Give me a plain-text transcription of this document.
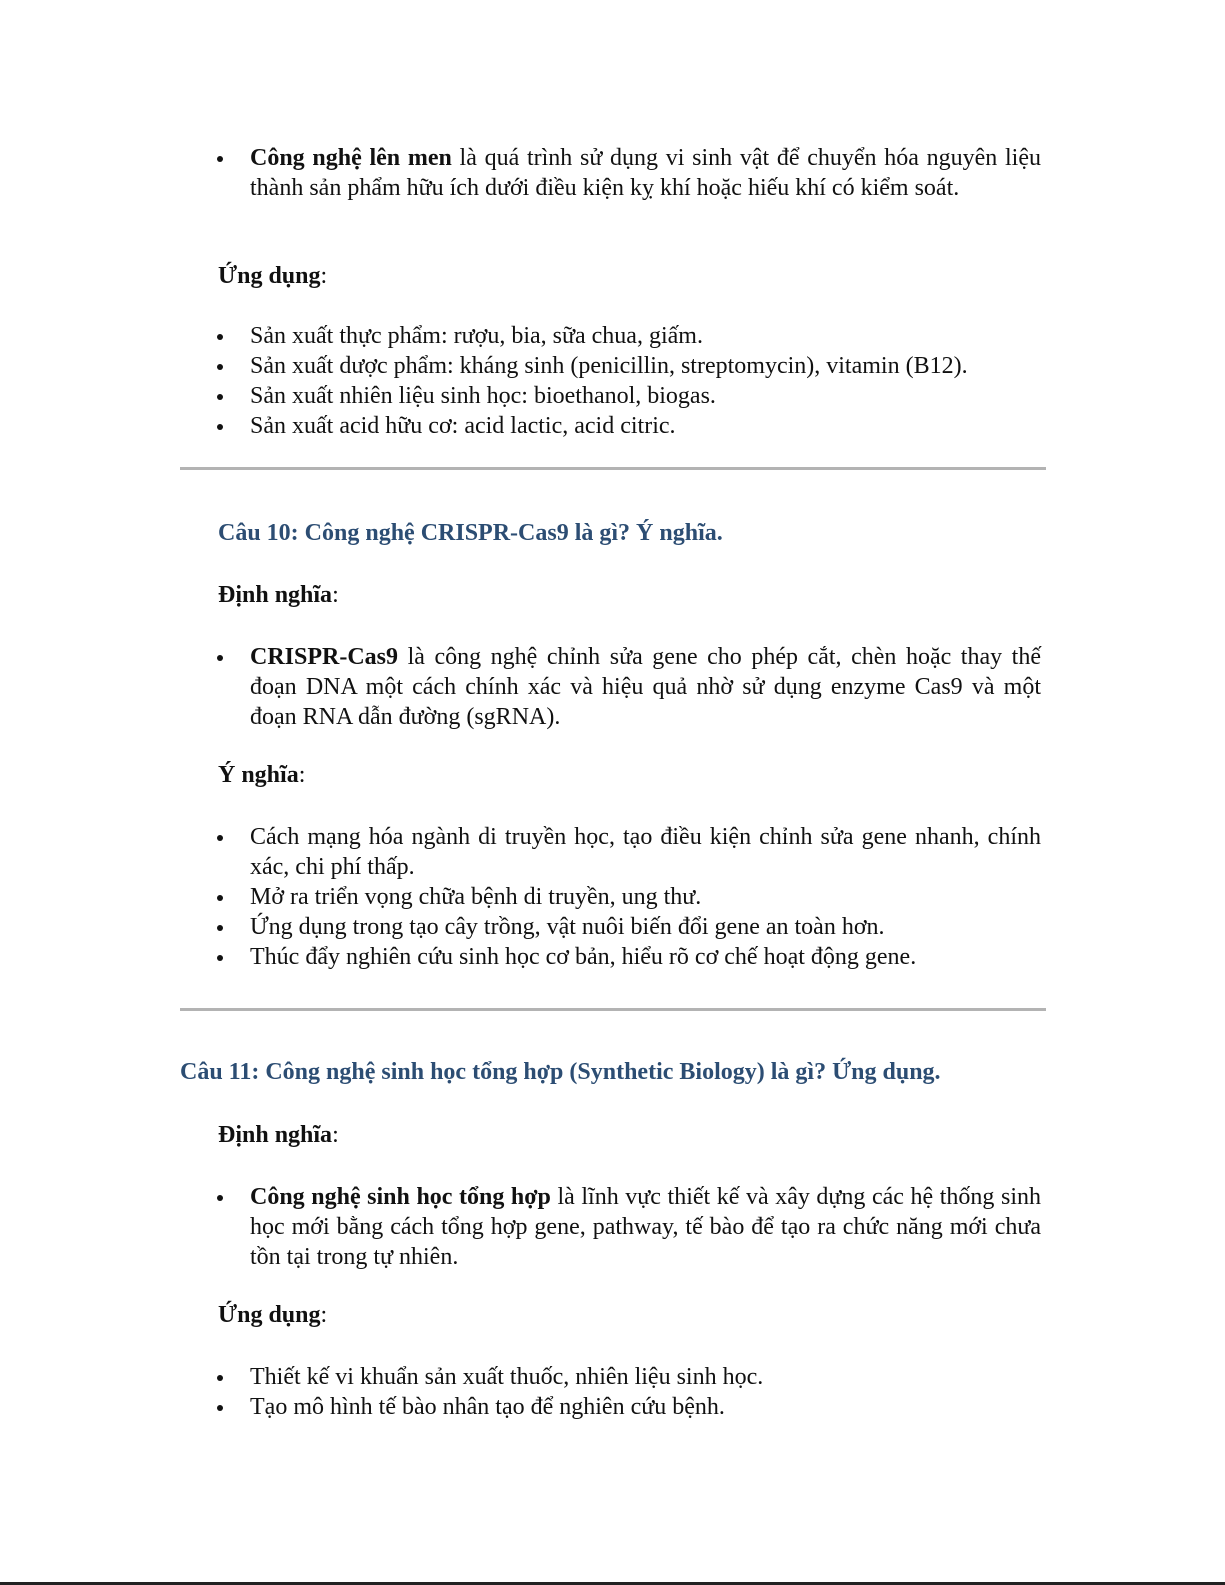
Công nghệ lên men là quá trình sử dụng vi sinh vật để chuyển hóa nguyên liệu thành sản phẩm hữu ích dưới điều kiện kỵ khí hoặc hiếu khí có kiểm soát.
Ứng dụng:
Sản xuất thực phẩm: rượu, bia, sữa chua, giấm.
Sản xuất dược phẩm: kháng sinh (penicillin, streptomycin), vitamin (B12).
Sản xuất nhiên liệu sinh học: bioethanol, biogas.
Sản xuất acid hữu cơ: acid lactic, acid citric.
Câu 10: Công nghệ CRISPR-Cas9 là gì? Ý nghĩa.
Định nghĩa:
CRISPR-Cas9 là công nghệ chỉnh sửa gene cho phép cắt, chèn hoặc thay thế đoạn DNA một cách chính xác và hiệu quả nhờ sử dụng enzyme Cas9 và một đoạn RNA dẫn đường (sgRNA).
Ý nghĩa:
Cách mạng hóa ngành di truyền học, tạo điều kiện chỉnh sửa gene nhanh, chính xác, chi phí thấp.
Mở ra triển vọng chữa bệnh di truyền, ung thư.
Ứng dụng trong tạo cây trồng, vật nuôi biến đổi gene an toàn hơn.
Thúc đẩy nghiên cứu sinh học cơ bản, hiểu rõ cơ chế hoạt động gene.
Câu 11: Công nghệ sinh học tổng hợp (Synthetic Biology) là gì? Ứng dụng.
Định nghĩa:
Công nghệ sinh học tổng hợp là lĩnh vực thiết kế và xây dựng các hệ thống sinh học mới bằng cách tổng hợp gene, pathway, tế bào để tạo ra chức năng mới chưa tồn tại trong tự nhiên.
Ứng dụng:
Thiết kế vi khuẩn sản xuất thuốc, nhiên liệu sinh học.
Tạo mô hình tế bào nhân tạo để nghiên cứu bệnh.
